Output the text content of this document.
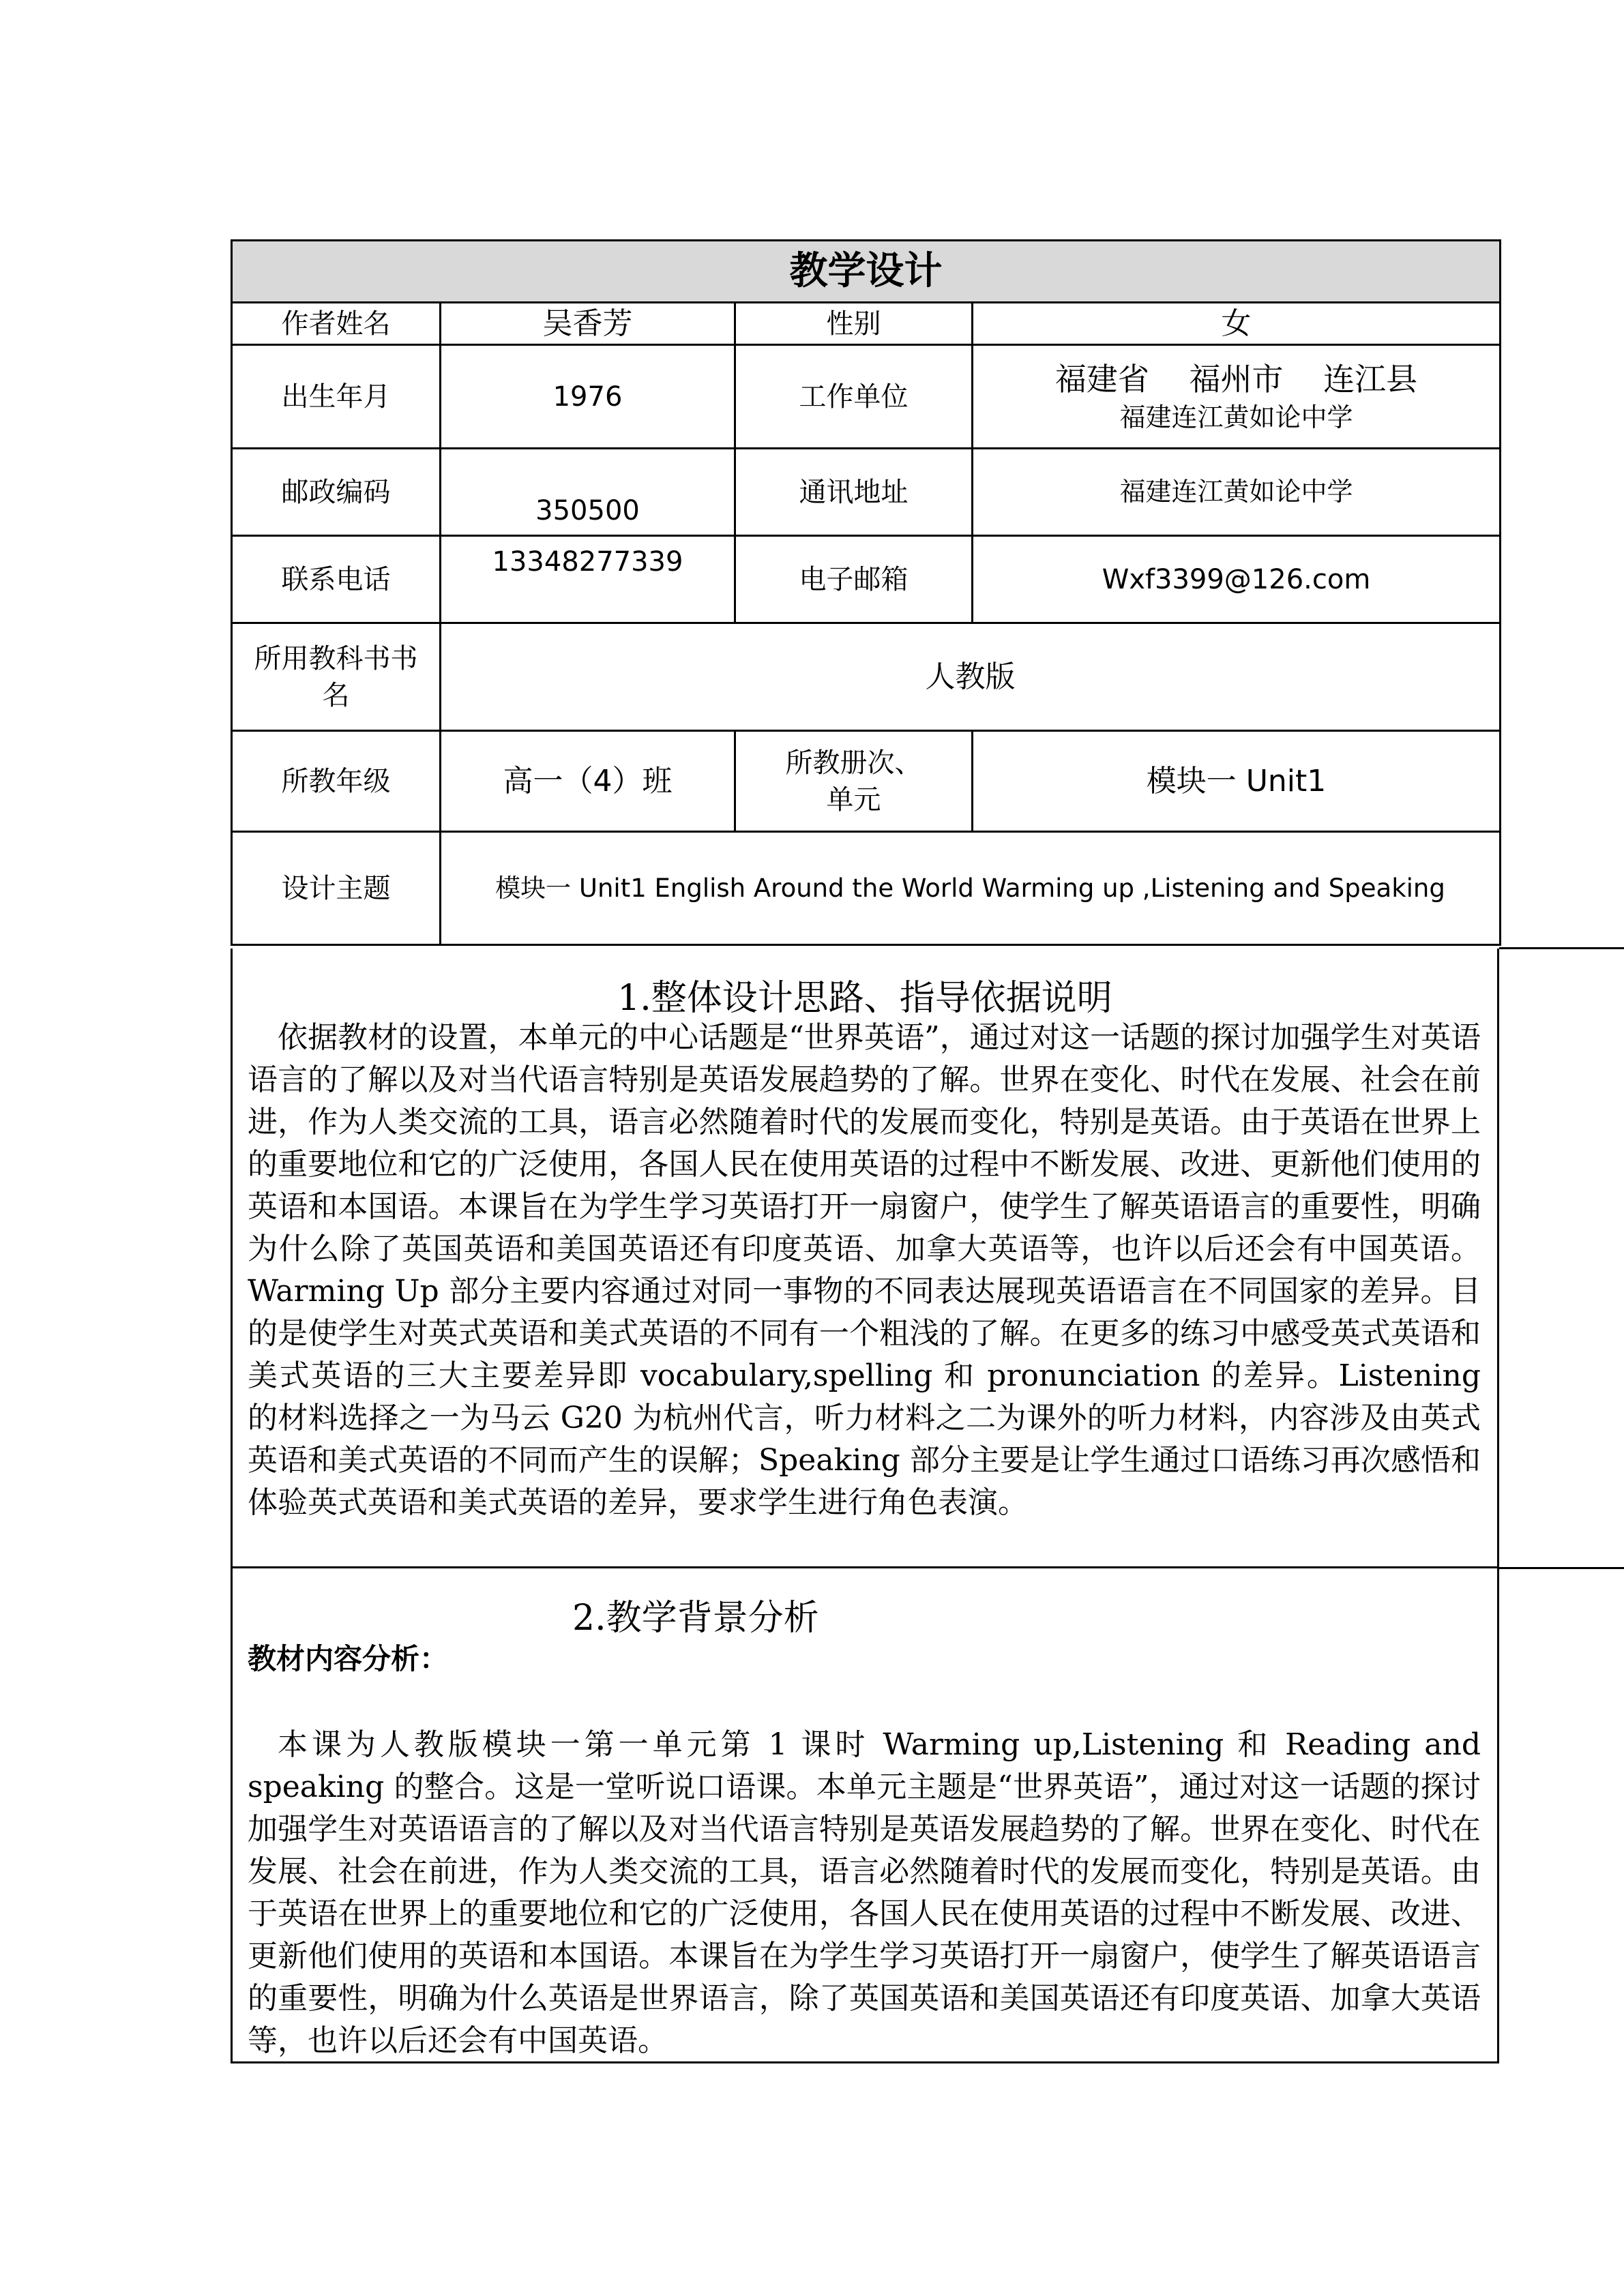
教学设计			
作者姓名	吴香芳	性别	女
出生年月	1976	工作单位	福建省 福州市 连江县
福建连江黄如论中学

邮政编码	350500	通讯地址	福建连江黄如论中学
联系电话	13348277339	电子邮箱	Wxf3399@126.com
所用教科书书名	人教版		
所教年级	高一（4）班	所教册次、单元	模块一 Unit1
设计主题	模块一 Unit1 English Around the World Warming up ,Listening and Speaking		
1.整体设计思路、指导依据说明
依据教材的设置，本单元的中心话题是“世界英语”，通过对这一话题的探讨加强学生对英语语言的了解以及对当代语言特别是英语发展趋势的了解。世界在变化、时代在发展、社会在前进，作为人类交流的工具，语言必然随着时代的发展而变化，特别是英语。由于英语在世界上的重要地位和它的广泛使用，各国人民在使用英语的过程中不断发展、改进、更新他们使用的英语和本国语。本课旨在为学生学习英语打开一扇窗户，使学生了解英语语言的重要性，明确为什么除了英国英语和美国英语还有印度英语、加拿大英语等，也许以后还会有中国英语。Warming Up 部分主要内容通过对同一事物的不同表达展现英语语言在不同国家的差异。目的是使学生对英式英语和美式英语的不同有一个粗浅的了解。在更多的练习中感受英式英语和美式英语的三大主要差异即 vocabulary,spelling 和 pronunciation 的差异。Listening 的材料选择之一为马云 G20 为杭州代言，听力材料之二为课外的听力材料，内容涉及由英式英语和美式英语的不同而产生的误解；Speaking 部分主要是让学生通过口语练习再次感悟和体验英式英语和美式英语的差异，要求学生进行角色表演。
2.教学背景分析
教材内容分析：
本课为人教版模块一第一单元第 1 课时 Warming up,Listening 和 Reading and speaking 的整合。这是一堂听说口语课。本单元主题是“世界英语”，通过对这一话题的探讨加强学生对英语语言的了解以及对当代语言特别是英语发展趋势的了解。世界在变化、时代在发展、社会在前进，作为人类交流的工具，语言必然随着时代的发展而变化，特别是英语。由于英语在世界上的重要地位和它的广泛使用，各国人民在使用英语的过程中不断发展、改进、更新他们使用的英语和本国语。本课旨在为学生学习英语打开一扇窗户，使学生了解英语语言的重要性，明确为什么英语是世界语言，除了英国英语和美国英语还有印度英语、加拿大英语等，也许以后还会有中国英语。
